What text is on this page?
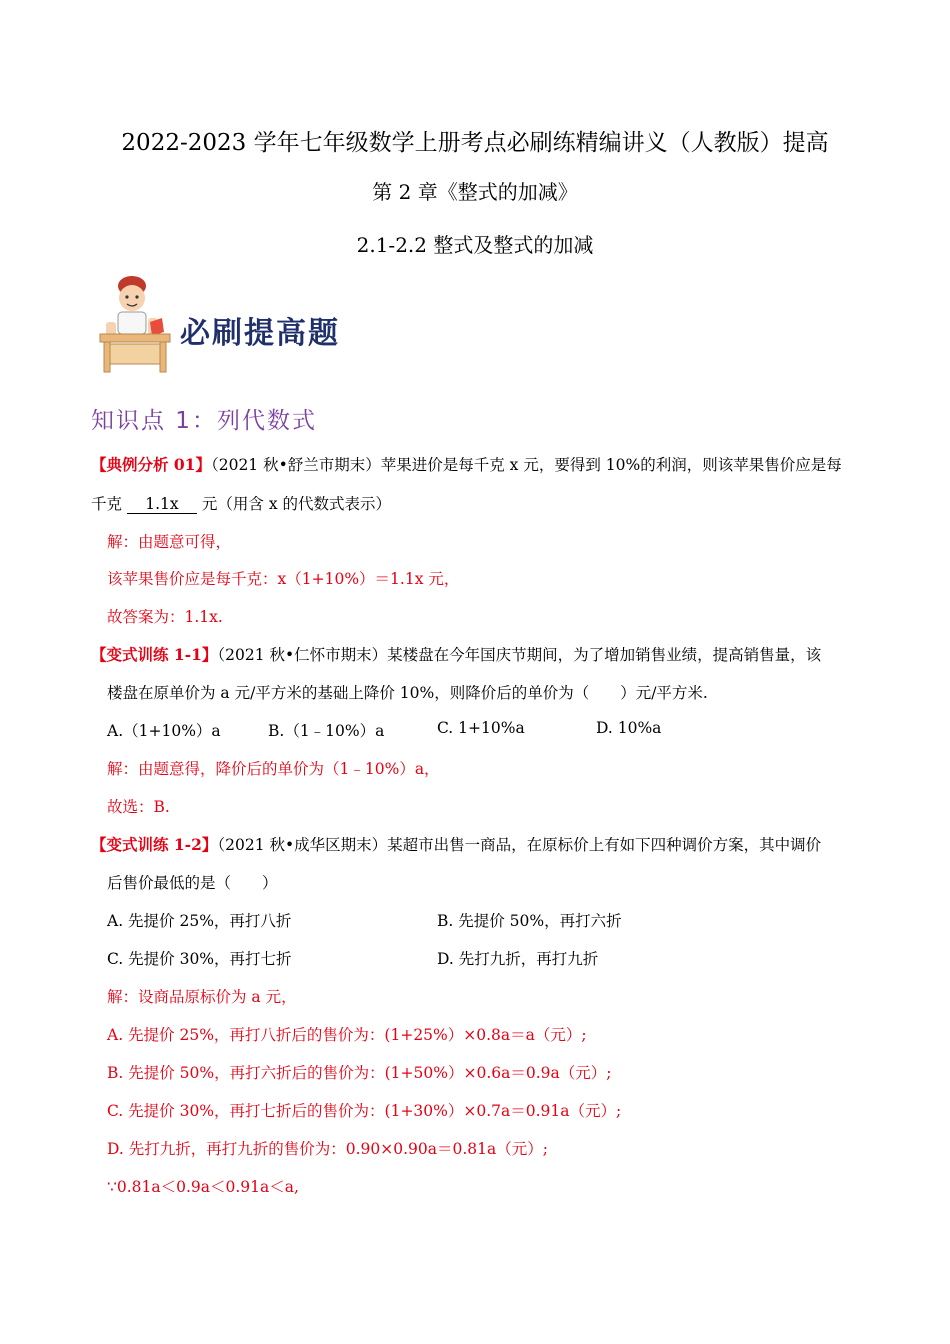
2022-2023 学年七年级数学上册考点必刷练精编讲义（人教版）提高
第 2 章《整式的加减》
2.1-2.2 整式及整式的加减
必刷提高题
知识点 1：列代数式
【典例分析 01】（2021 秋•舒兰市期末）苹果进价是每千克 x 元，要得到 10%的利润，则该苹果售价应是每
千克 1.1x 元（用含 x 的代数式表示）
解：由题意可得，
该苹果售价应是每千克：x（1+10%）＝1.1x 元，
故答案为：1.1x.
【变式训练 1-1】（2021 秋•仁怀市期末）某楼盘在今年国庆节期间，为了增加销售业绩，提高销售量，该
楼盘在原单价为 a 元/平方米的基础上降价 10%，则降价后的单价为（　　）元/平方米.
A.（1+10%）a	B.（1﹣10%）a	C. 1+10%a	D. 10%a
解：由题意得，降价后的单价为（1﹣10%）a，
故选：B.
【变式训练 1-2】（2021 秋•成华区期末）某超市出售一商品，在原标价上有如下四种调价方案，其中调价
后售价最低的是（　　）
A. 先提价 25%，再打八折	B. 先提价 50%，再打六折
C. 先提价 30%，再打七折	D. 先打九折，再打九折
解：设商品原标价为 a 元，
A. 先提价 25%，再打八折后的售价为：(1+25%）×0.8a＝a（元）;
B. 先提价 50%，再打六折后的售价为：(1+50%）×0.6a＝0.9a（元）;
C. 先提价 30%，再打七折后的售价为：(1+30%）×0.7a＝0.91a（元）;
D. 先打九折，再打九折的售价为：0.90×0.90a＝0.81a（元）;
∵0.81a＜0.9a＜0.91a＜a,
